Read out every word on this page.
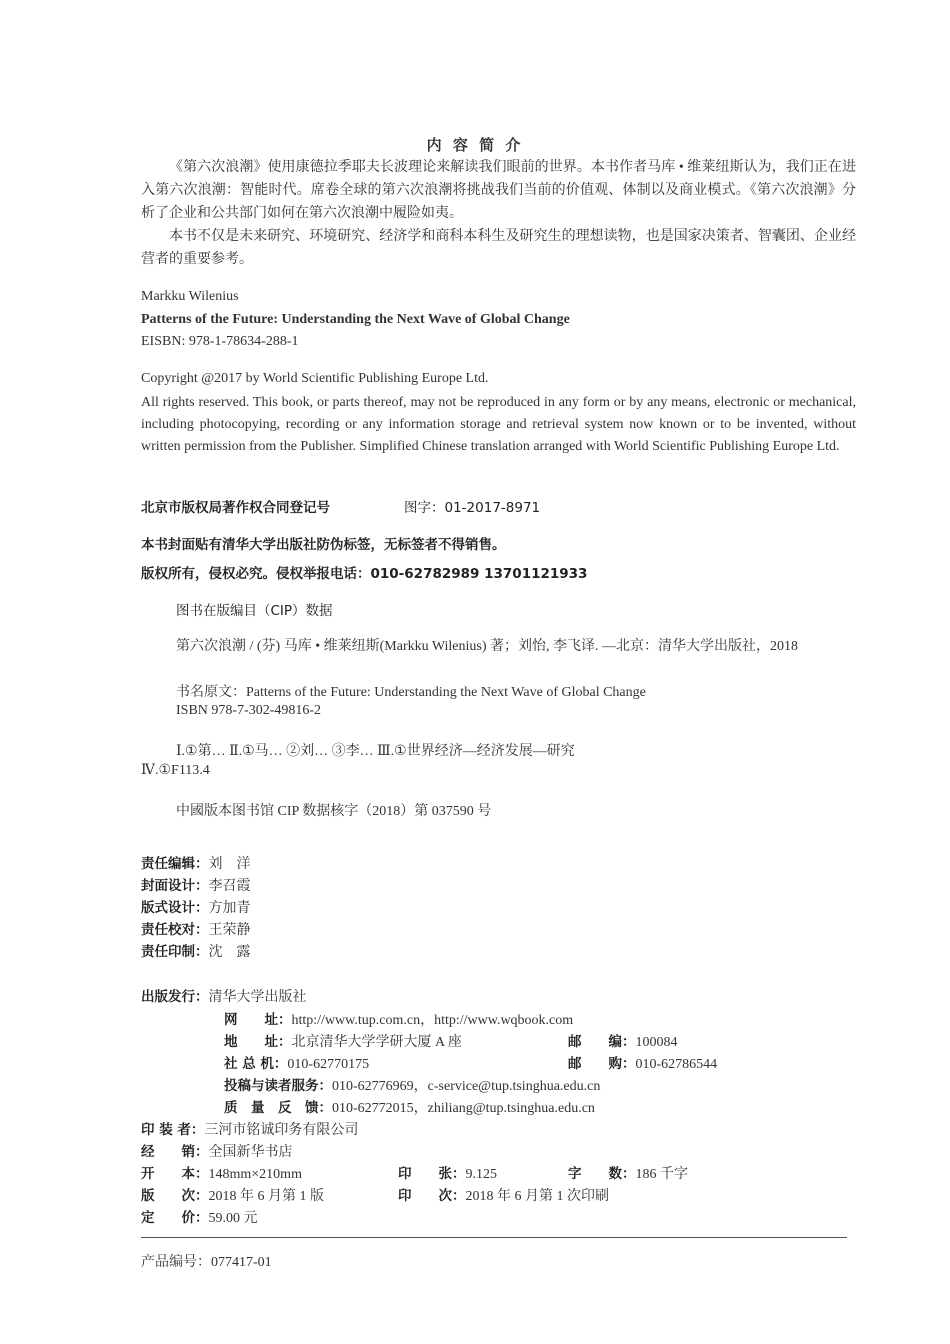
内 容 简 介
《第六次浪潮》使用康德拉季耶夫长波理论来解读我们眼前的世界。本书作者马库 • 维莱纽斯认为，我们正在进入第六次浪潮：智能时代。席卷全球的第六次浪潮将挑战我们当前的价值观、体制以及商业模式。《第六次浪潮》分析了企业和公共部门如何在第六次浪潮中履险如夷。
本书不仅是未来研究、环境研究、经济学和商科本科生及研究生的理想读物，也是国家决策者、智囊团、企业经营者的重要参考。
Markku Wilenius
Patterns of the Future: Understanding the Next Wave of Global Change
EISBN: 978-1-78634-288-1
Copyright @2017 by World Scientific Publishing Europe Ltd.
All rights reserved. This book, or parts thereof, may not be reproduced in any form or by any means, electronic or mechanical, including photocopying, recording or any information storage and retrieval system now known or to be invented, without written permission from the Publisher. Simplified Chinese translation arranged with World Scientific Publishing Europe Ltd.
北京市版权局著作权合同登记号	图字：01-2017-8971
本书封面贴有清华大学出版社防伪标签，无标签者不得销售。
版权所有，侵权必究。侵权举报电话：010-62782989 13701121933
图书在版编目（CIP）数据
第六次浪潮 / (芬) 马库 • 维莱纽斯(Markku Wilenius) 著；刘怡, 李飞译. —北京：清华大学出版社，2018
书名原文：Patterns of the Future: Understanding the Next Wave of Global Change
ISBN 978-7-302-49816-2
Ⅰ.①第… Ⅱ.①马… ②刘… ③李… Ⅲ.①世界经济—经济发展—研究
Ⅳ.①F113.4
中國版本图书馆 CIP 数据核字（2018）第 037590 号
责任编辑：刘　洋
封面设计：李召霞
版式设计：方加青
责任校对：王荣静
责任印制：沈　露
出版发行：清华大学出版社
网　　址：http://www.tup.com.cn，http://www.wqbook.com
地　　址：北京清华大学学研大厦 A 座	邮　　编：100084
社 总 机：010-62770175	邮　　购：010-62786544
投稿与读者服务：010-62776969，c-service@tup.tsinghua.edu.cn
质　量　反　馈：010-62772015，zhiliang@tup.tsinghua.edu.cn
印 装 者：三河市铭诚印务有限公司
经　　销：全国新华书店
开　　本：148mm×210mm	印　　张：9.125	字　　数：186 千字
版　　次：2018 年 6 月第 1 版	印　　次：2018 年 6 月第 1 次印刷
定　　价：59.00 元
产品编号：077417-01
